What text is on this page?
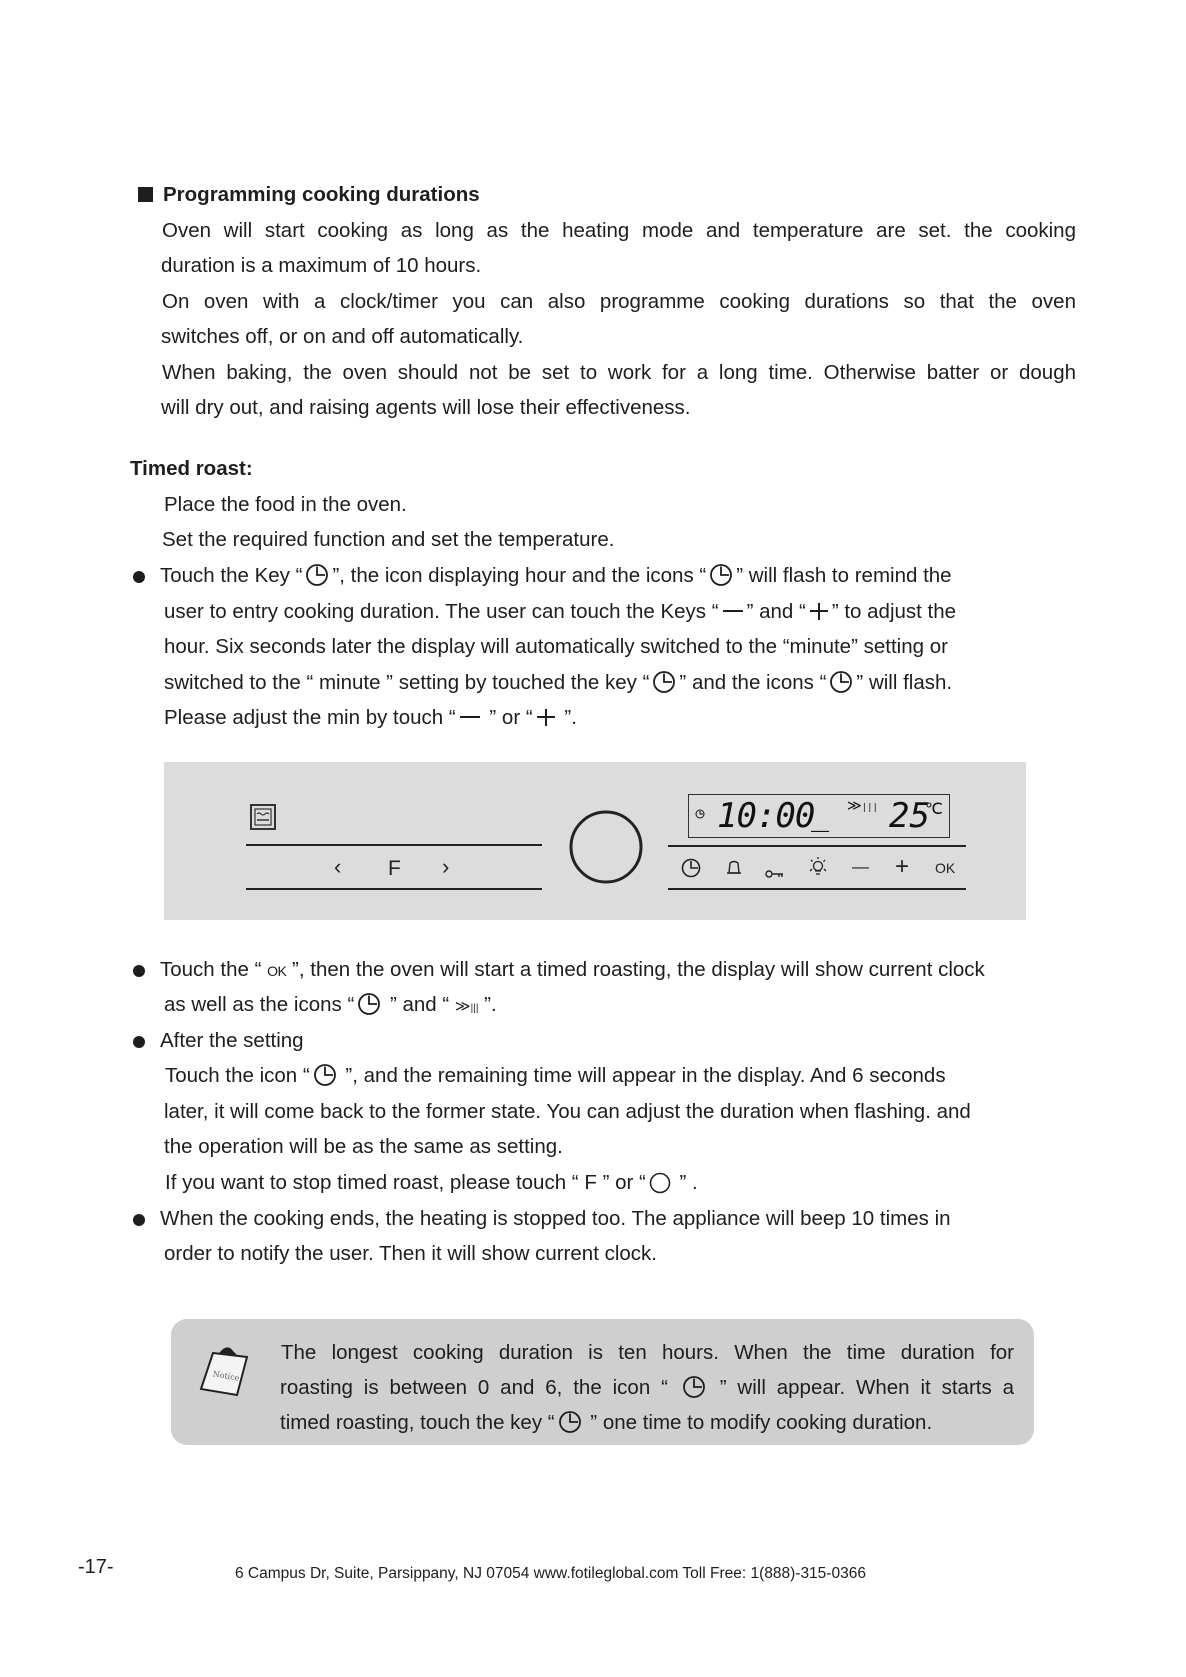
Programming cooking durations
Oven will start cooking as long as the heating mode and temperature are set. the cooking
duration is a maximum of 10 hours.
On oven with a clock/timer you can also programme cooking durations so that the oven
switches off, or on and off automatically.
When baking, the oven should not be set to work for a long time. Otherwise batter or dough
will dry out, and raising agents will lose their effectiveness.
Timed roast:
Place the food in the oven.
Set the required function and set the temperature.
Touch the Key “ ”, the icon displaying hour and the icons “ ” will flash to remind the
user to entry cooking duration. The user can touch the Keys “ ” and “ ” to adjust the
hour. Six seconds later the display will automatically switched to the “minute” setting or
switched to the “ minute ” setting by touched the key “ ” and the icons “ ” will flash.
Please adjust the min by touch “
” or “
”.
‹ F ›
10:00
_ ≫||| 25
℃
— + OK
Touch the “ OK ”, then the oven will start a timed roasting, the display will show current clock
as well as the icons “
” and “ ≫||| ”.
After the setting
Touch the icon “
”, and the remaining time will appear in the display. And 6 seconds
later, it will come back to the former state. You can adjust the duration when flashing. and
the operation will be as the same as setting.
If you want to stop timed roast, please touch “ F ” or “
” .
When the cooking ends, the heating is stopped too. The appliance will beep 10 times in
order to notify the user. Then it will show current clock.
Notice
The longest cooking duration is ten hours. When the time duration for
roasting is between 0 and 6, the icon “
” will appear. When it starts a
timed roasting, touch the key “
” one time to modify cooking duration.
-17-	6 Campus Dr, Suite, Parsippany, NJ 07054 www.fotileglobal.com Toll Free: 1(888)-315-0366
